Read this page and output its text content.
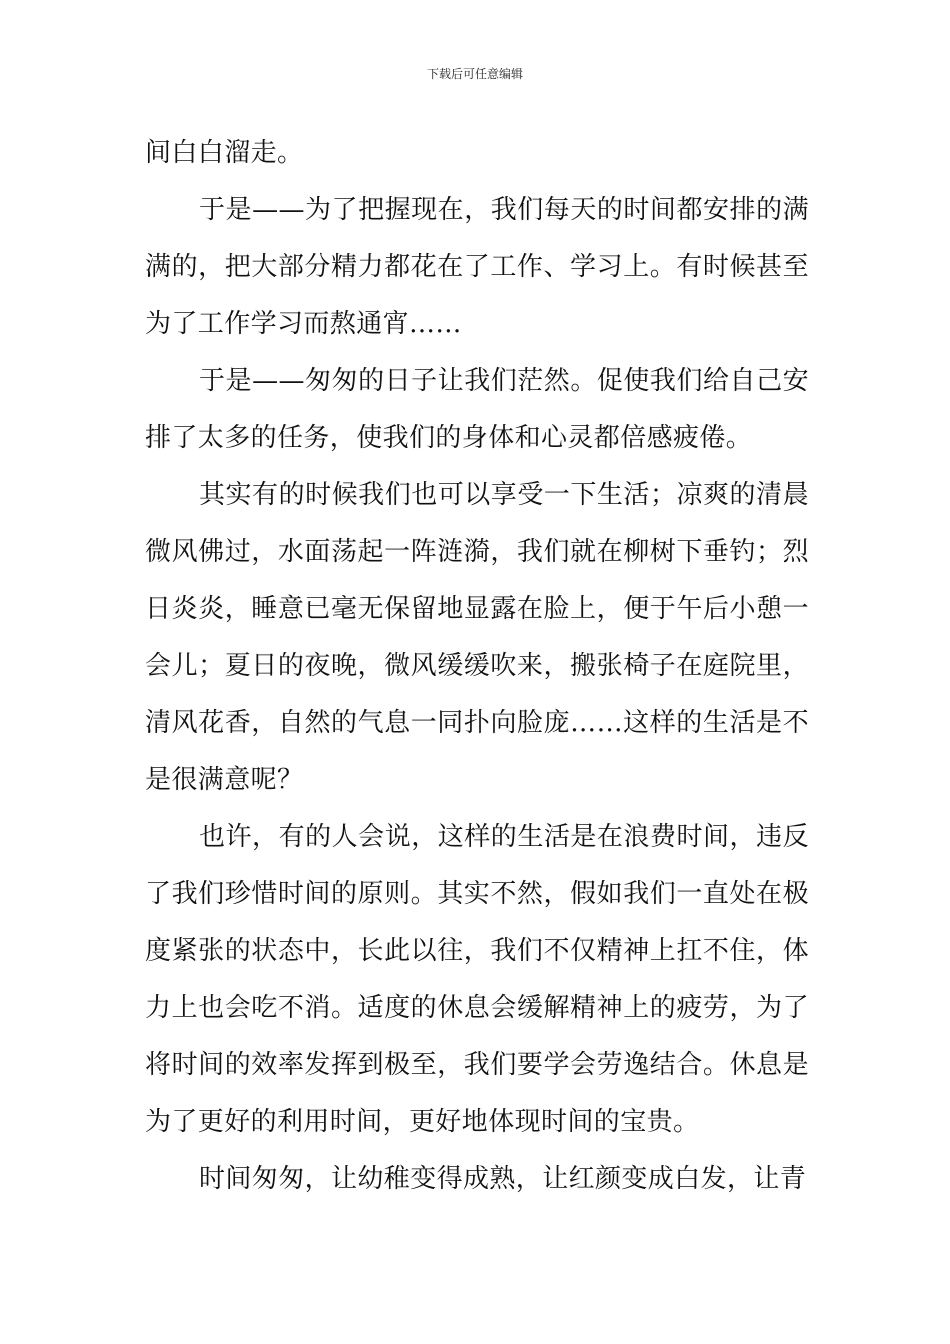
下载后可任意编辑

间白白溜走。

于是——为了把握现在，我们每天的时间都安排的满满的，把大部分精力都花在了工作、学习上。有时候甚至为了工作学习而熬通宵……

于是——匆匆的日子让我们茫然。促使我们给自己安排了太多的任务，使我们的身体和心灵都倍感疲倦。

其实有的时候我们也可以享受一下生活；凉爽的清晨微风佛过，水面荡起一阵涟漪，我们就在柳树下垂钓；烈日炎炎，睡意已毫无保留地显露在脸上，便于午后小憩一会儿；夏日的夜晚，微风缓缓吹来，搬张椅子在庭院里，清风花香，自然的气息一同扑向脸庞……这样的生活是不是很满意呢？

也许，有的人会说，这样的生活是在浪费时间，违反了我们珍惜时间的原则。其实不然，假如我们一直处在极度紧张的状态中，长此以往，我们不仅精神上扛不住，体力上也会吃不消。适度的休息会缓解精神上的疲劳，为了将时间的效率发挥到极至，我们要学会劳逸结合。休息是为了更好的利用时间，更好地体现时间的宝贵。

时间匆匆，让幼稚变得成熟，让红颜变成白发，让青
